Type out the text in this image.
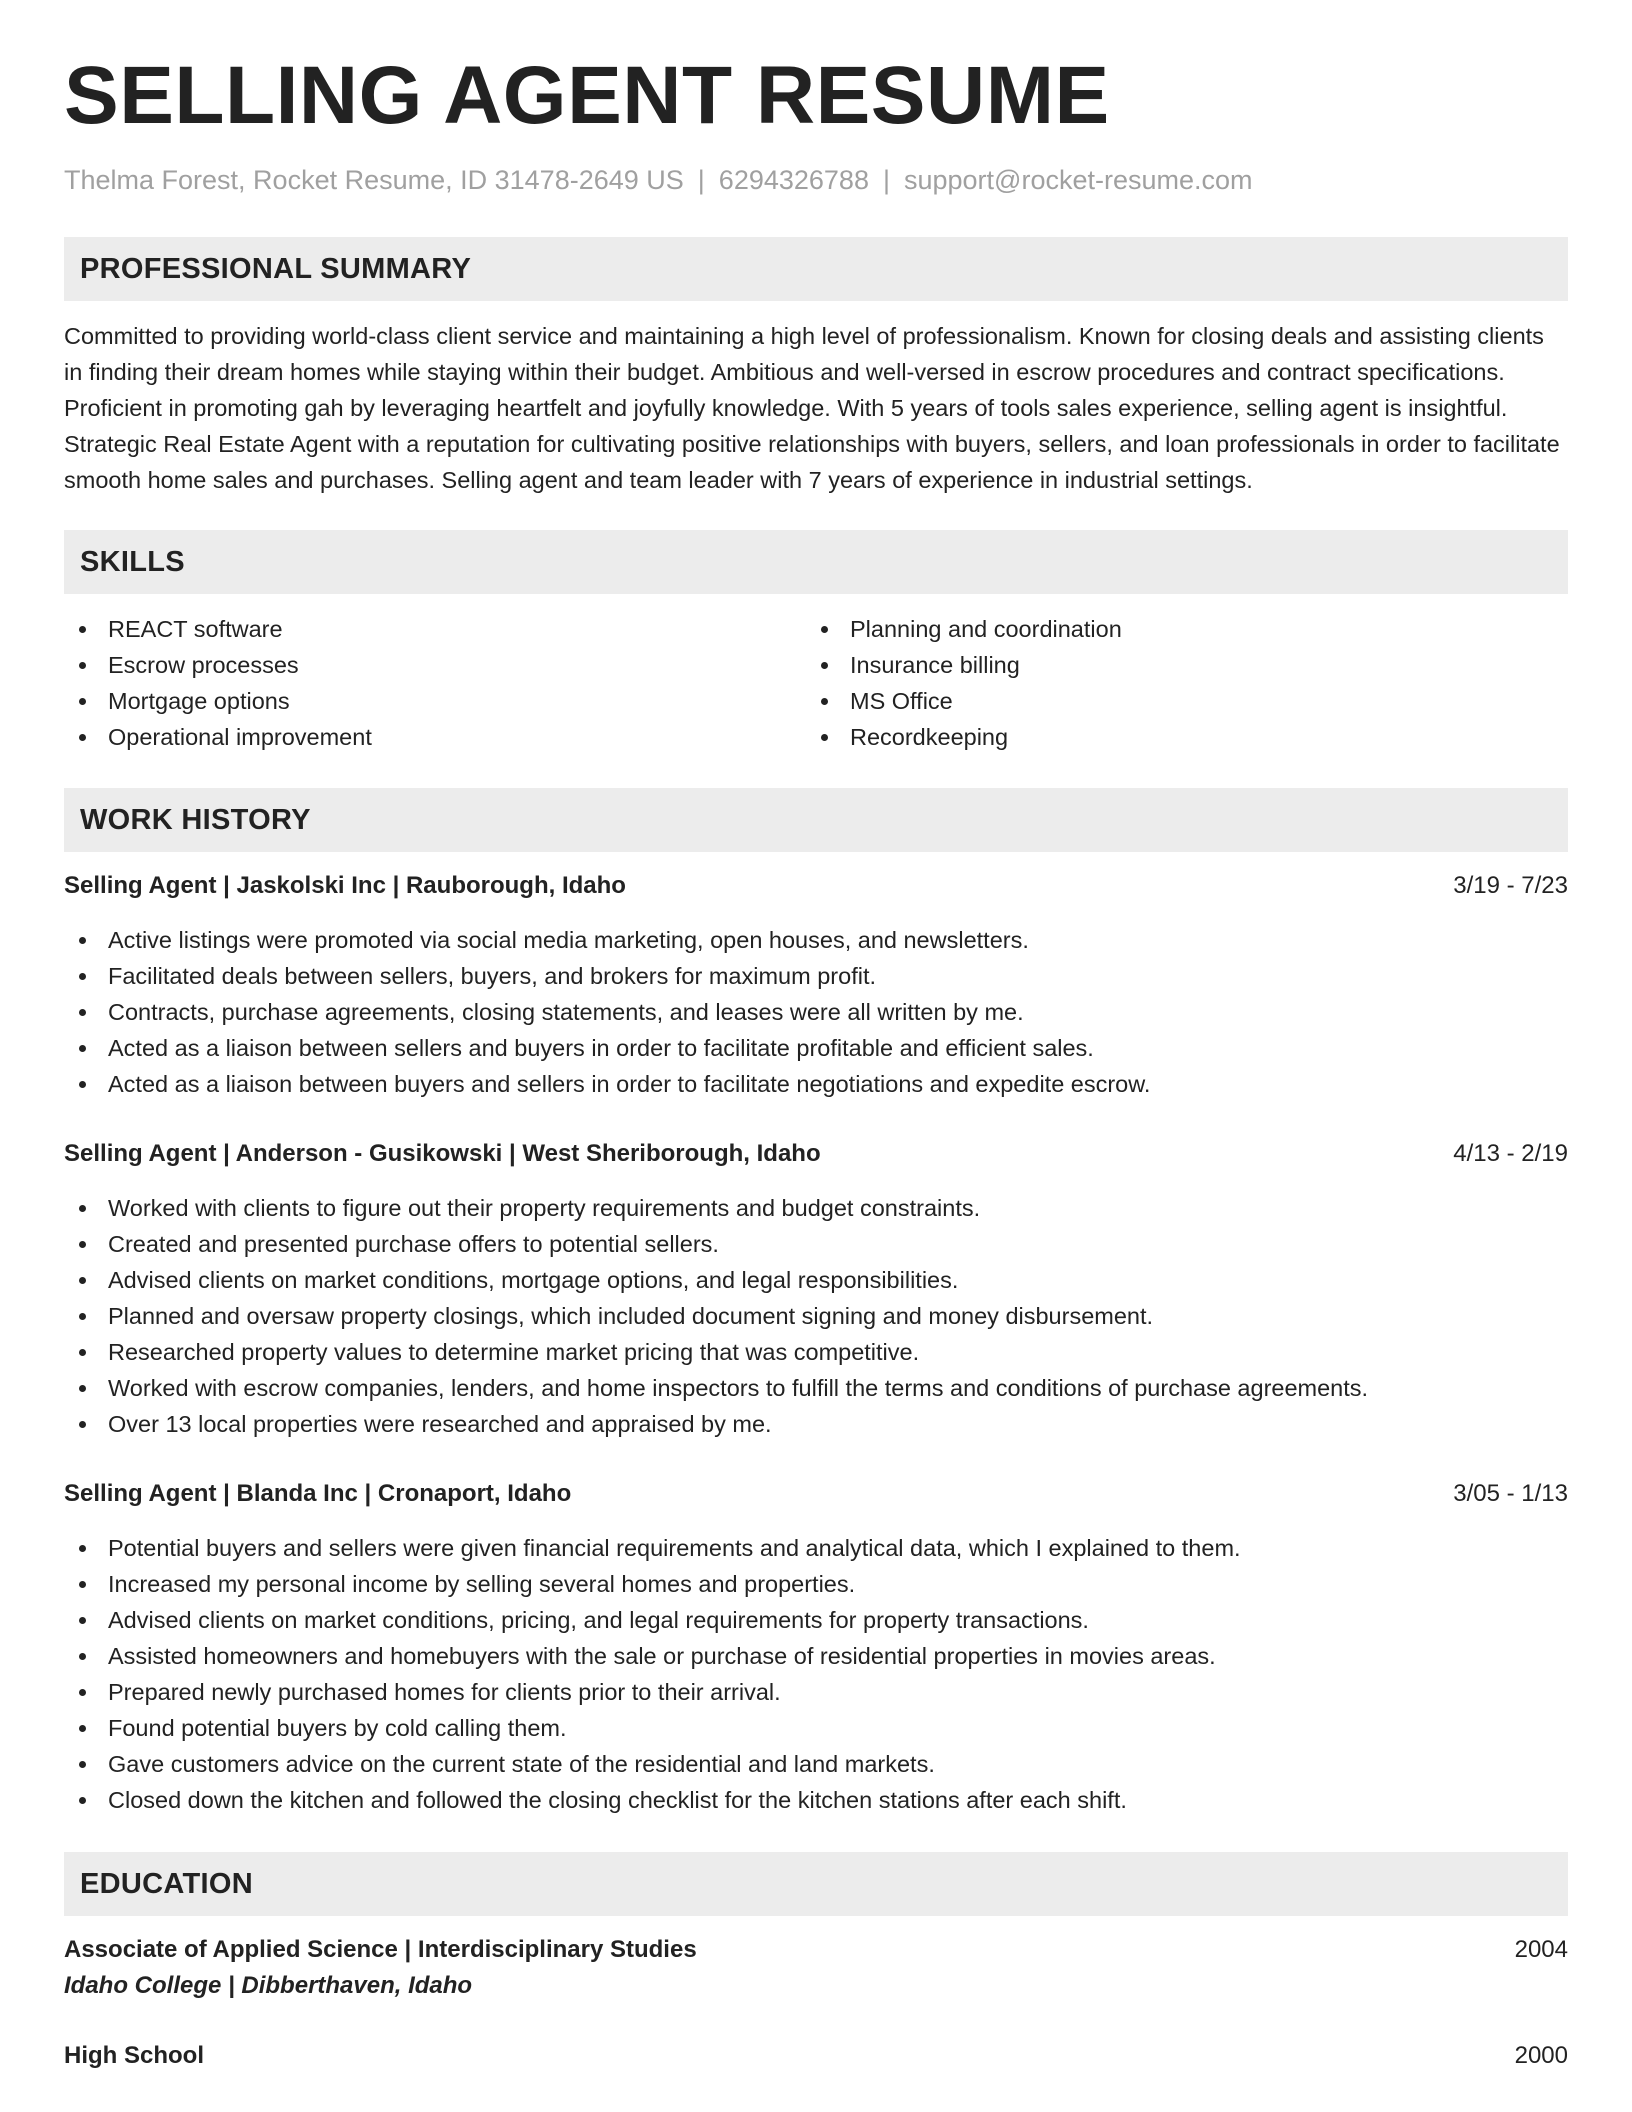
SELLING AGENT RESUME
Thelma Forest, Rocket Resume, ID 31478-2649 US | 6294326788 | support@rocket-resume.com
PROFESSIONAL SUMMARY
Committed to providing world-class client service and maintaining a high level of professionalism. Known for closing deals and assisting clients in finding their dream homes while staying within their budget. Ambitious and well-versed in escrow procedures and contract specifications. Proficient in promoting gah by leveraging heartfelt and joyfully knowledge. With 5 years of tools sales experience, selling agent is insightful. Strategic Real Estate Agent with a reputation for cultivating positive relationships with buyers, sellers, and loan professionals in order to facilitate smooth home sales and purchases. Selling agent and team leader with 7 years of experience in industrial settings.
SKILLS
REACT software
Escrow processes
Mortgage options
Operational improvement
Planning and coordination
Insurance billing
MS Office
Recordkeeping
WORK HISTORY
Selling Agent | Jaskolski Inc | Rauborough, Idaho	3/19 - 7/23
Active listings were promoted via social media marketing, open houses, and newsletters.
Facilitated deals between sellers, buyers, and brokers for maximum profit.
Contracts, purchase agreements, closing statements, and leases were all written by me.
Acted as a liaison between sellers and buyers in order to facilitate profitable and efficient sales.
Acted as a liaison between buyers and sellers in order to facilitate negotiations and expedite escrow.
Selling Agent | Anderson - Gusikowski | West Sheriborough, Idaho	4/13 - 2/19
Worked with clients to figure out their property requirements and budget constraints.
Created and presented purchase offers to potential sellers.
Advised clients on market conditions, mortgage options, and legal responsibilities.
Planned and oversaw property closings, which included document signing and money disbursement.
Researched property values to determine market pricing that was competitive.
Worked with escrow companies, lenders, and home inspectors to fulfill the terms and conditions of purchase agreements.
Over 13 local properties were researched and appraised by me.
Selling Agent | Blanda Inc | Cronaport, Idaho	3/05 - 1/13
Potential buyers and sellers were given financial requirements and analytical data, which I explained to them.
Increased my personal income by selling several homes and properties.
Advised clients on market conditions, pricing, and legal requirements for property transactions.
Assisted homeowners and homebuyers with the sale or purchase of residential properties in movies areas.
Prepared newly purchased homes for clients prior to their arrival.
Found potential buyers by cold calling them.
Gave customers advice on the current state of the residential and land markets.
Closed down the kitchen and followed the closing checklist for the kitchen stations after each shift.
EDUCATION
Associate of Applied Science | Interdisciplinary Studies	2004
Idaho College | Dibberthaven, Idaho
High School	2000
